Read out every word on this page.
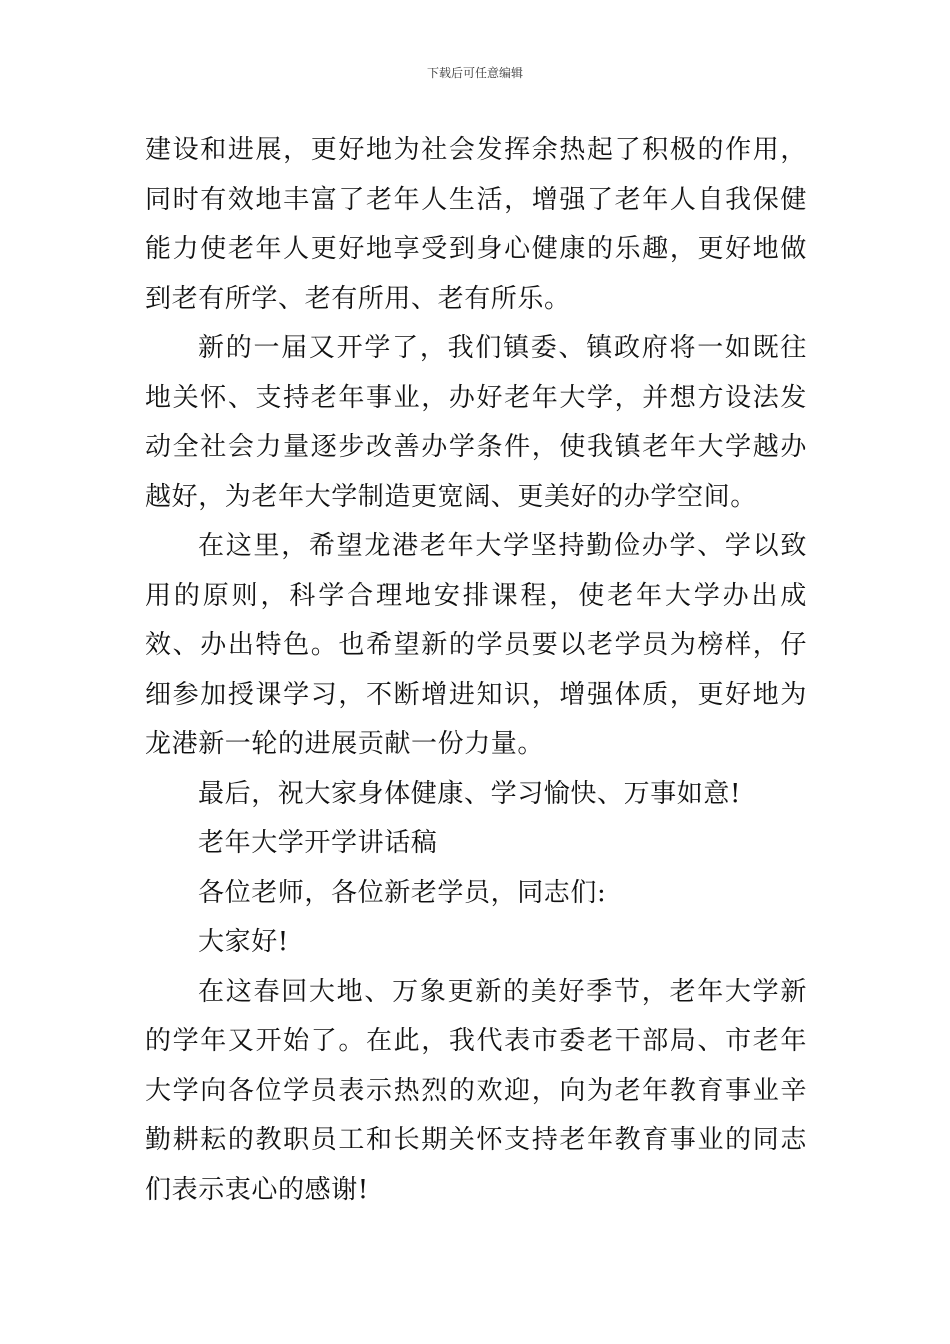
下载后可任意编辑

建设和进展，更好地为社会发挥余热起了积极的作用，同时有效地丰富了老年人生活，增强了老年人自我保健能力使老年人更好地享受到身心健康的乐趣，更好地做到老有所学、老有所用、老有所乐。

新的一届又开学了，我们镇委、镇政府将一如既往地关怀、支持老年事业，办好老年大学，并想方设法发动全社会力量逐步改善办学条件，使我镇老年大学越办越好，为老年大学制造更宽阔、更美好的办学空间。

在这里，希望龙港老年大学坚持勤俭办学、学以致用的原则，科学合理地安排课程，使老年大学办出成效、办出特色。也希望新的学员要以老学员为榜样，仔细参加授课学习，不断增进知识，增强体质，更好地为龙港新一轮的进展贡献一份力量。

最后，祝大家身体健康、学习愉快、万事如意!

老年大学开学讲话稿

各位老师，各位新老学员，同志们:

大家好!

在这春回大地、万象更新的美好季节，老年大学新的学年又开始了。在此，我代表市委老干部局、市老年大学向各位学员表示热烈的欢迎，向为老年教育事业辛勤耕耘的教职员工和长期关怀支持老年教育事业的同志们表示衷心的感谢!
